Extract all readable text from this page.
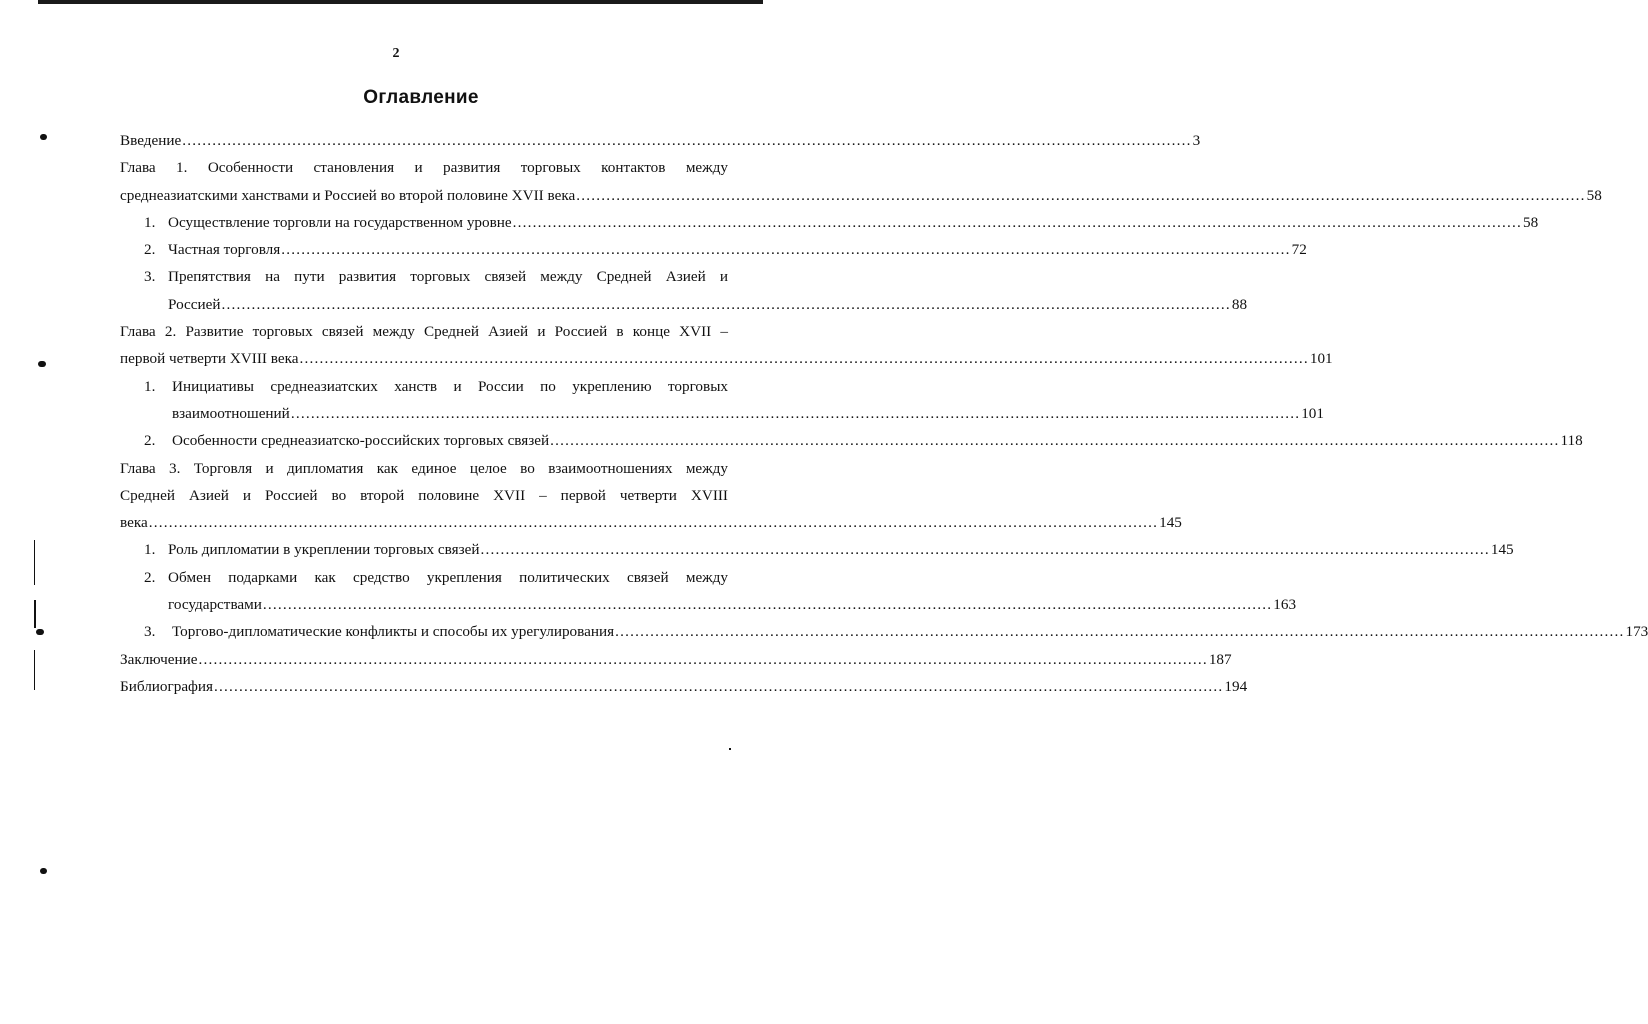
2
Оглавление
Введение .....	3
Глава 1. Особенности становления и развития торговых контактов между
среднеазиатскими ханствами и Россией во второй половине XVII века .....	58
1. Осуществление торговли на государственном уровне .....	58
2. Частная торговля .....	72
3. Препятствия на пути развития торговых связей между Средней Азией и
Россией .....	88
Глава 2. Развитие торговых связей между Средней Азией и Россией в конце XVII –
первой четверти XVIII века .....	101
1.	Инициативы среднеазиатских ханств и России по укреплению торговых
взаимоотношений .....	101
2. Особенности среднеазиатско-российских торговых связей .....	118
Глава 3. Торговля и дипломатия как единое целое во взаимоотношениях между
Средней Азией и Россией во второй половине XVII – первой четверти XVIII
века .....	145
1. Роль дипломатии в укреплении торговых связей .....	145
2. Обмен подарками как средство укрепления политических связей между
государствами .....	163
3. Торгово-дипломатические конфликты и способы их урегулирования .....	173
Заключение .....	187
Библиография .....	194
